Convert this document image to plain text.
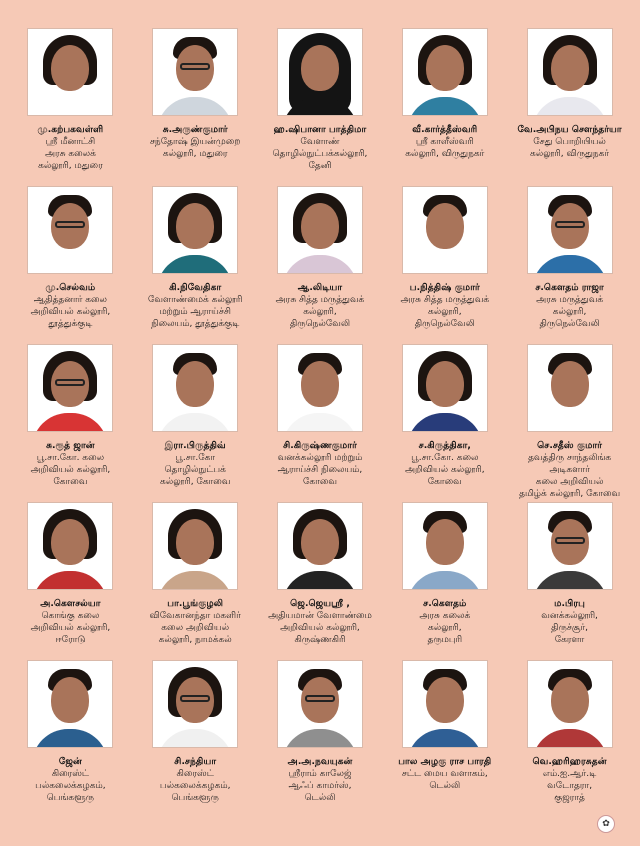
மு.கற்பகவள்ளி
ஸ்ரீ மீனாட்சி
அரசு கலைக்
கல்லூரி, மதுரை
சு.அருண்குமார்
சந்தோஷ் இயன்முறை
கல்லூரி, மதுரை
ஹ.ஷிபானா பாத்திமா
வேளாண்
தொழில்நுட்பக்கல்லூரி,
தேனி
வீ.கார்த்தீஸ்வரி
ஸ்ரீ காளீஸ்வரி
கல்லூரி, விருதுநகர்
வே.அபிநய சௌந்தர்யா
சேது பொறியியல்
கல்லூரி, விருதுநகர்
மு.செல்வம்
ஆதித்தனார் கலை
அறிவியல் கல்லூரி,
தூத்துக்குடி
கி.நிவேதிகா
வேளாண்மைக் கல்லூரி
மற்றும் ஆராய்ச்சி
நிலையம், தூத்துக்குடி
ஆ.லிடியா
அரசு சித்த மருத்துவக்
கல்லூரி,
திருநெல்வேலி
ப.நித்திஷ் குமார்
அரசு சித்த மருத்துவக்
கல்லூரி,
திருநெல்வேலி
ச.கௌதம் ராஜா
அரசு மருத்துவக்
கல்லூரி,
திருநெல்வேலி
சு.ரூத் ஜான்
பூ.சா.கோ. கலை
அறிவியல் கல்லூரி,
கோவை
இரா.பிருத்திவ்
பூ.சா.கோ
தொழில்நுட்பக்
கல்லூரி, கோவை
சி.கிருஷ்ணகுமார்
வனக்கல்லூரி மற்றும்
ஆராய்ச்சி நிலையம்,
கோவை
ச.கிருத்திகா,
பூ.சா.கோ. கலை
அறிவியல் கல்லூரி,
கோவை
செ.சதீஸ் குமார்
தவத்திரு சாந்தலிங்க அடிகளார்
கலை அறிவியல்
தமிழ்க் கல்லூரி, கோவை
அ.கௌசல்யா
கொங்கு கலை
அறிவியல் கல்லூரி,
ஈரோடு
பா.பூங்குழலி
விவேகானந்தா மகளிர்
கலை அறிவியல்
கல்லூரி, நாமக்கல்
ஜெ.ஜெயஸ்ரீ ,
அதியமான் வேளாண்மை
அறிவியல் கல்லூரி,
கிருஷ்ணகிரி
ச.கௌதம்
அரசு கலைக்
கல்லூரி,
தருமபுரி
ம.பிரபு
வனக்கல்லூரி,
திருச்சூர்,
கேரளா
ஜேன்
கிரைஸ்ட்
பல்கலைக்கழகம்,
பெங்களூரு
சி.சந்தியா
கிரைஸ்ட்
பல்கலைக்கழகம்,
பெங்களூரு
அ.அ.நவயுகன்
ஸ்ரீராம் காலேஜ்
ஆஃப் காமர்ஸ்,
டெல்லி
பால அழகு ராச பாரதி
சட்ட மைய வளாகம்,
டெல்லி
வெ.ஹரிஹரசுதன்
எம்.ஐ.ஆர்.டி
வடோதரா,
குஜராத்
✿
